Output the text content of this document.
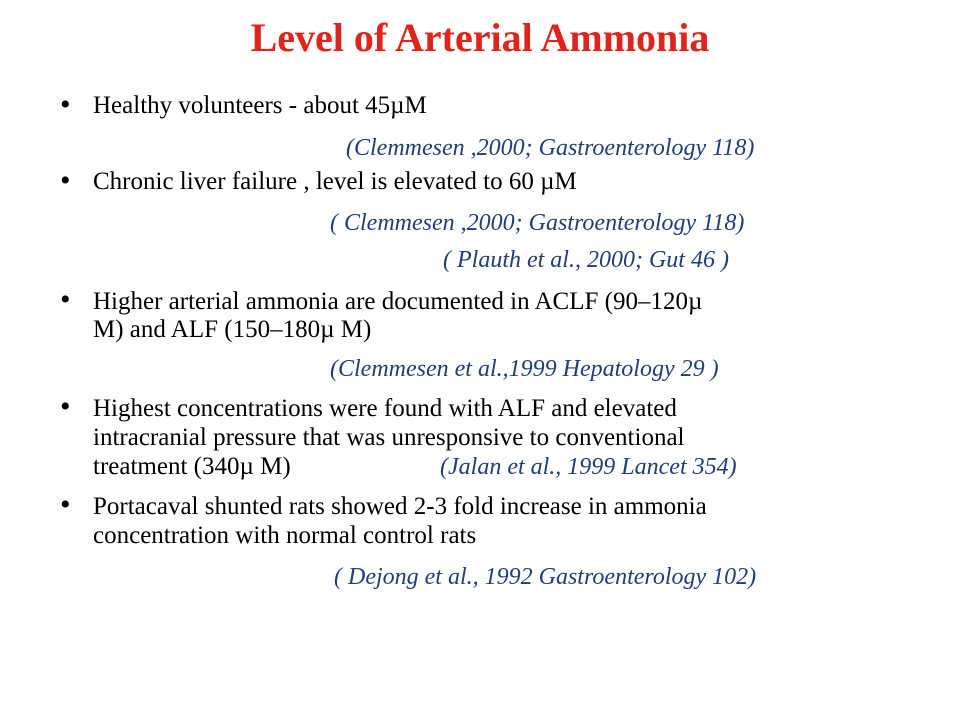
Level of Arterial Ammonia
• Healthy volunteers - about 45µM
(Clemmesen ,2000; Gastroenterology 118)
• Chronic liver failure , level is elevated to 60 µM
( Clemmesen ,2000; Gastroenterology 118)
( Plauth et al., 2000; Gut 46 )
• Higher arterial ammonia are documented in ACLF (90–120µ
M) and ALF (150–180µ M)
(Clemmesen et al.,1999 Hepatology 29 )
• Highest concentrations were found with ALF and elevated
intracranial pressure that was unresponsive to conventional
treatment (340µ M)	(Jalan et al., 1999 Lancet 354)
• Portacaval shunted rats showed 2-3 fold increase in ammonia
concentration with normal control rats
( Dejong et al., 1992 Gastroenterology 102)
